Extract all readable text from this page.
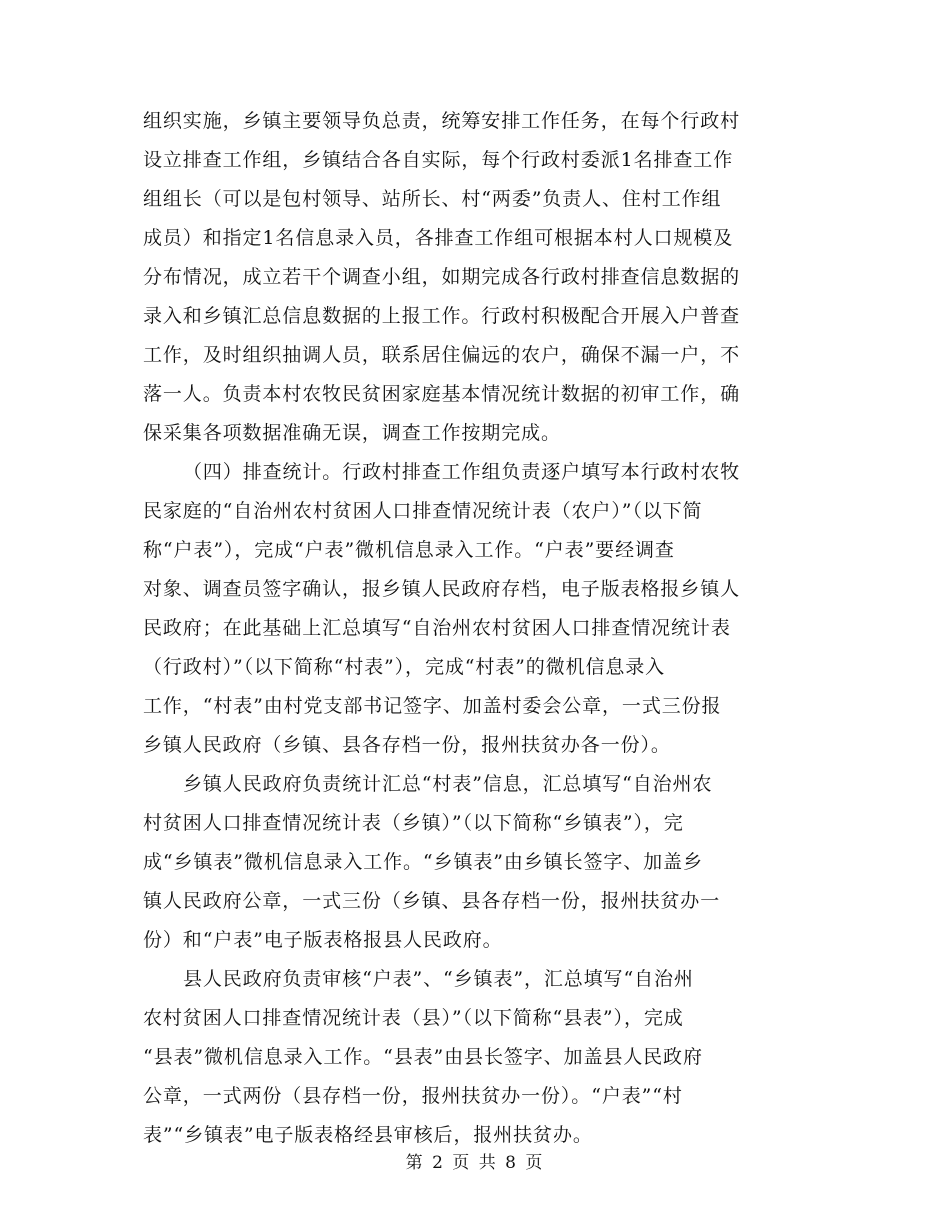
组织实施，乡镇主要领导负总责，统筹安排工作任务，在每个行政村
设立排查工作组，乡镇结合各自实际，每个行政村委派1名排查工作
组组长（可以是包村领导、站所长、村“两委”负责人、住村工作组
成员）和指定1名信息录入员，各排查工作组可根据本村人口规模及
分布情况，成立若干个调查小组，如期完成各行政村排查信息数据的
录入和乡镇汇总信息数据的上报工作。行政村积极配合开展入户普查
工作，及时组织抽调人员，联系居住偏远的农户，确保不漏一户，不
落一人。负责本村农牧民贫困家庭基本情况统计数据的初审工作，确
保采集各项数据准确无误，调查工作按期完成。
（四）排查统计。行政村排查工作组负责逐户填写本行政村农牧
民家庭的“自治州农村贫困人口排查情况统计表（农户）”（以下简
称“户表”），完成“户表”微机信息录入工作。“户表”要经调查
对象、调查员签字确认，报乡镇人民政府存档，电子版表格报乡镇人
民政府；在此基础上汇总填写“自治州农村贫困人口排查情况统计表
（行政村）”（以下简称“村表”），完成“村表”的微机信息录入
工作，“村表”由村党支部书记签字、加盖村委会公章，一式三份报
乡镇人民政府（乡镇、县各存档一份，报州扶贫办各一份）。
乡镇人民政府负责统计汇总“村表”信息，汇总填写“自治州农
村贫困人口排查情况统计表（乡镇）”（以下简称“乡镇表”），完
成“乡镇表”微机信息录入工作。“乡镇表”由乡镇长签字、加盖乡
镇人民政府公章，一式三份（乡镇、县各存档一份，报州扶贫办一
份）和“户表”电子版表格报县人民政府。
县人民政府负责审核“户表”、“乡镇表”，汇总填写“自治州
农村贫困人口排查情况统计表（县）”（以下简称“县表”），完成
“县表”微机信息录入工作。“县表”由县长签字、加盖县人民政府
公章，一式两份（县存档一份，报州扶贫办一份）。“户表”“村
表”“乡镇表”电子版表格经县审核后，报州扶贫办。
第 2 页 共 8 页
